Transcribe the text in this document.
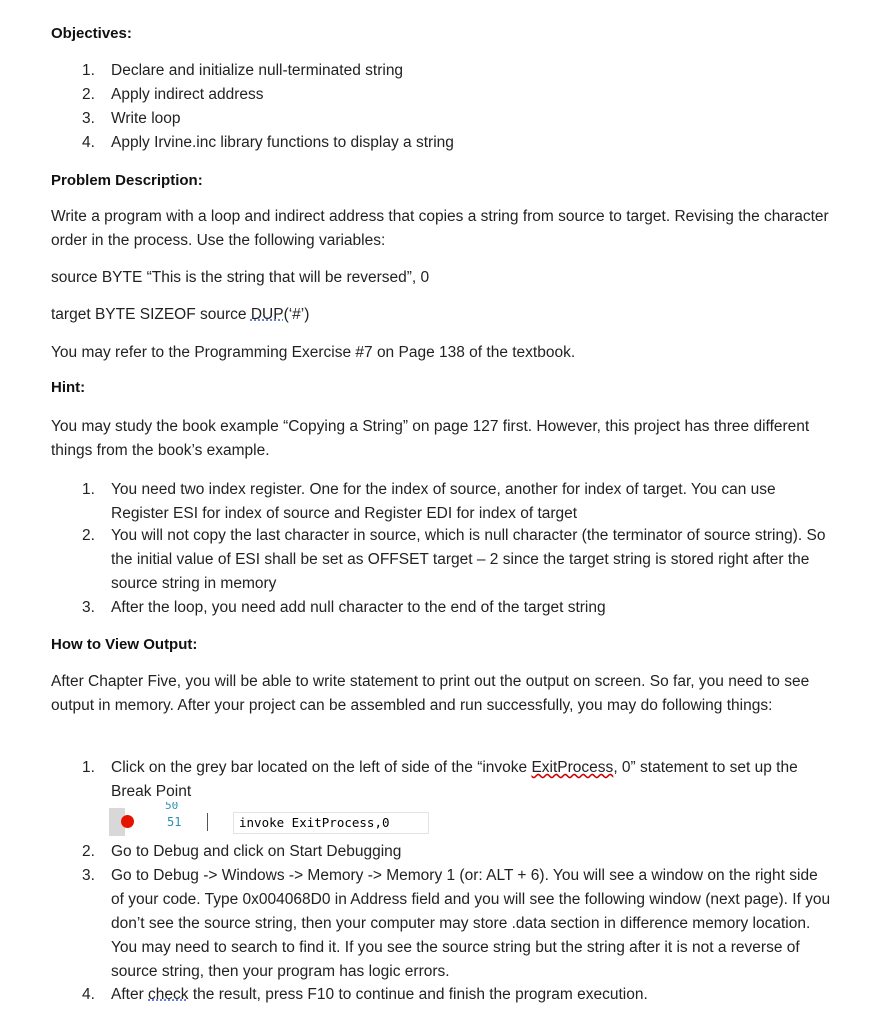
Objectives:
1.	Declare and initialize null-terminated string
2.	Apply indirect address
3.	Write loop
4.	Apply Irvine.inc library functions to display a string
Problem Description:
Write a program with a loop and indirect address that copies a string from source to target. Revising the character order in the process. Use the following variables:
source BYTE “This is the string that will be reversed”, 0
target BYTE SIZEOF source DUP(‘#’)
You may refer to the Programming Exercise #7 on Page 138 of the textbook.
Hint:
You may study the book example “Copying a String” on page 127 first. However, this project has three different things from the book’s example.
1.	You need two index register. One for the index of source, another for index of target. You can use Register ESI for index of source and Register EDI for index of target
2.	You will not copy the last character in source, which is null character (the terminator of source string). So the initial value of ESI shall be set as OFFSET target – 2 since the target string is stored right after the source string in memory
3.	After the loop, you need add null character to the end of the target string
How to View Output:
After Chapter Five, you will be able to write statement to print out the output on screen. So far, you need to see output in memory. After your project can be assembled and run successfully, you may do following things:
1.	Click on the grey bar located on the left of side of the “invoke ExitProcess, 0” statement to set up the Break Point
50
51	invoke ExitProcess,0
2.	Go to Debug and click on Start Debugging
3.	Go to Debug -> Windows -> Memory -> Memory 1 (or: ALT + 6). You will see a window on the right side of your code. Type 0x004068D0 in Address field and you will see the following window (next page). If you don’t see the source string, then your computer may store .data section in difference memory location. You may need to search to find it. If you see the source string but the string after it is not a reverse of source string, then your program has logic errors.
4.	After check the result, press F10 to continue and finish the program execution.
